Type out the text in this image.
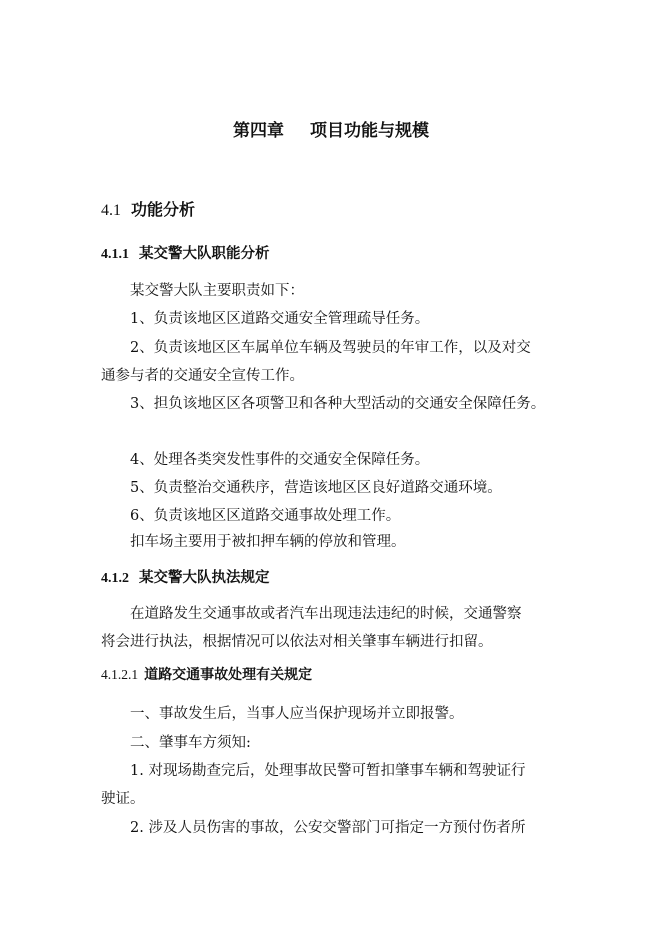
第四章 项目功能与规模
4.1 功能分析
4.1.1 某交警大队职能分析
某交警大队主要职责如下：
1、负责该地区区道路交通安全管理疏导任务。
2、负责该地区区车属单位车辆及驾驶员的年审工作，以及对交
通参与者的交通安全宣传工作。
3、担负该地区区各项警卫和各种大型活动的交通安全保障任务。
4、处理各类突发性事件的交通安全保障任务。
5、负责整治交通秩序，营造该地区区良好道路交通环境。
6、负责该地区区道路交通事故处理工作。
扣车场主要用于被扣押车辆的停放和管理。
4.1.2 某交警大队执法规定
在道路发生交通事故或者汽车出现违法违纪的时候，交通警察
将会进行执法，根据情况可以依法对相关肇事车辆进行扣留。
4.1.2.1 道路交通事故处理有关规定
一、事故发生后，当事人应当保护现场并立即报警。
二、肇事车方须知:
1. 对现场勘查完后，处理事故民警可暂扣肇事车辆和驾驶证行
驶证。
2. 涉及人员伤害的事故，公安交警部门可指定一方预付伤者所
